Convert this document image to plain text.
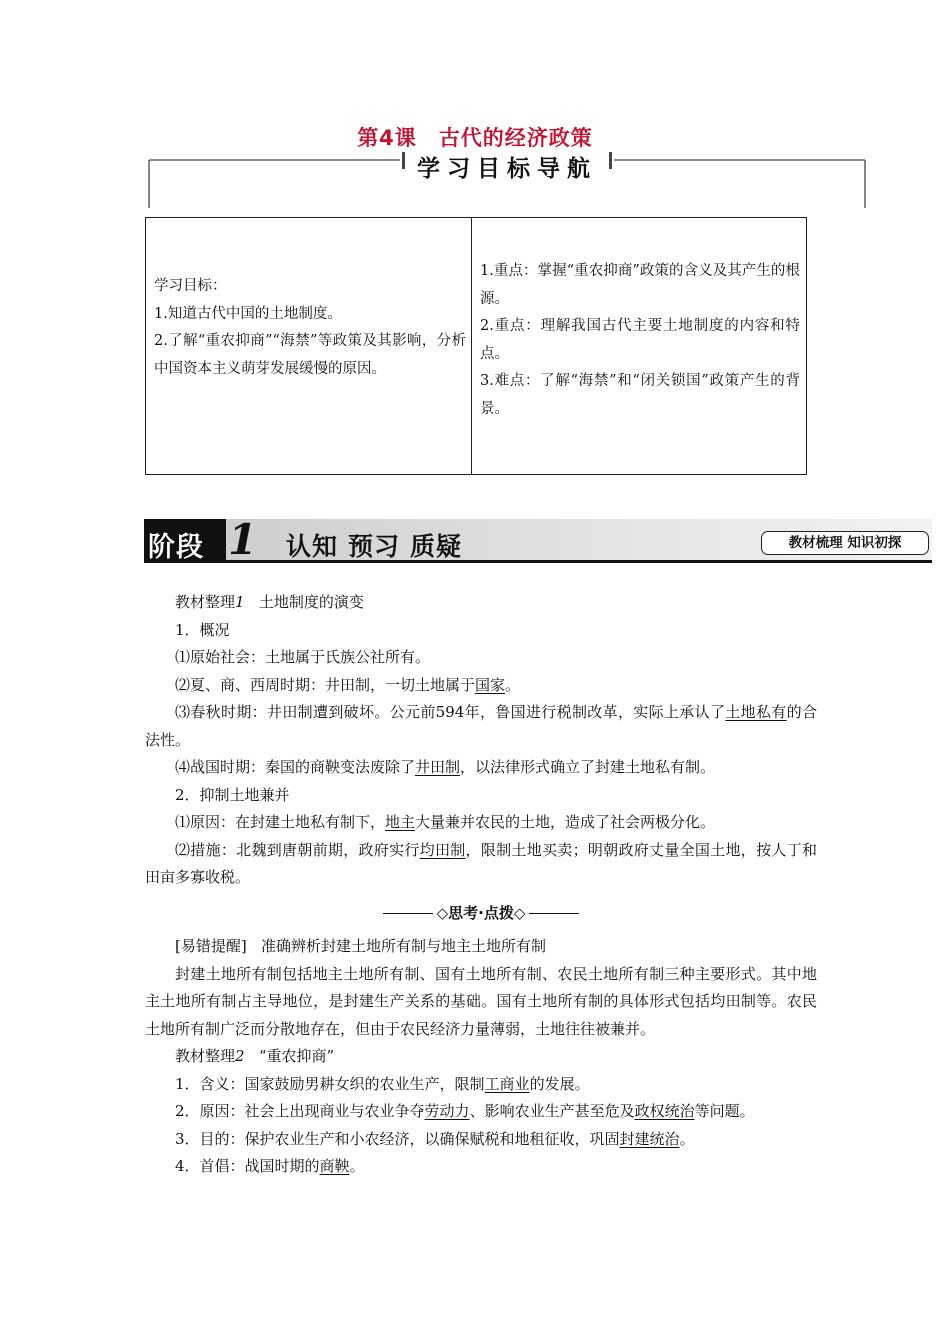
第4课 古代的经济政策
学习目标导航
学习目标：
1.知道古代中国的土地制度。
2.了解“重农抑商”“海禁”等政策及其影响，分析中国资本主义萌芽发展缓慢的原因。
1.重点：掌握“重农抑商”政策的含义及其产生的根源。
2.重点：理解我国古代主要土地制度的内容和特点。
3.难点：了解“海禁”和“闭关锁国”政策产生的背景。
阶段 1 认知 预习 质疑	教材梳理 知识初探
教材整理1 土地制度的演变
1．概况
⑴原始社会：土地属于氏族公社所有。
⑵夏、商、西周时期：井田制，一切土地属于国家。
⑶春秋时期：井田制遭到破坏。公元前594年，鲁国进行税制改革，实际上承认了土地私有的合法性。
⑷战国时期：秦国的商鞅变法废除了井田制，以法律形式确立了封建土地私有制。
2．抑制土地兼并
⑴原因：在封建土地私有制下，地主大量兼并农民的土地，造成了社会两极分化。
⑵措施：北魏到唐朝前期，政府实行均田制，限制土地买卖；明朝政府丈量全国土地，按人丁和田亩多寡收税。
◇思考·点拨◇
[易错提醒] 准确辨析封建土地所有制与地主土地所有制
封建土地所有制包括地主土地所有制、国有土地所有制、农民土地所有制三种主要形式。其中地主土地所有制占主导地位，是封建生产关系的基础。国有土地所有制的具体形式包括均田制等。农民土地所有制广泛而分散地存在，但由于农民经济力量薄弱，土地往往被兼并。
教材整理2 “重农抑商”
1．含义：国家鼓励男耕女织的农业生产，限制工商业的发展。
2．原因：社会上出现商业与农业争夺劳动力、影响农业生产甚至危及政权统治等问题。
3．目的：保护农业生产和小农经济，以确保赋税和地租征收，巩固封建统治。
4．首倡：战国时期的商鞅。
